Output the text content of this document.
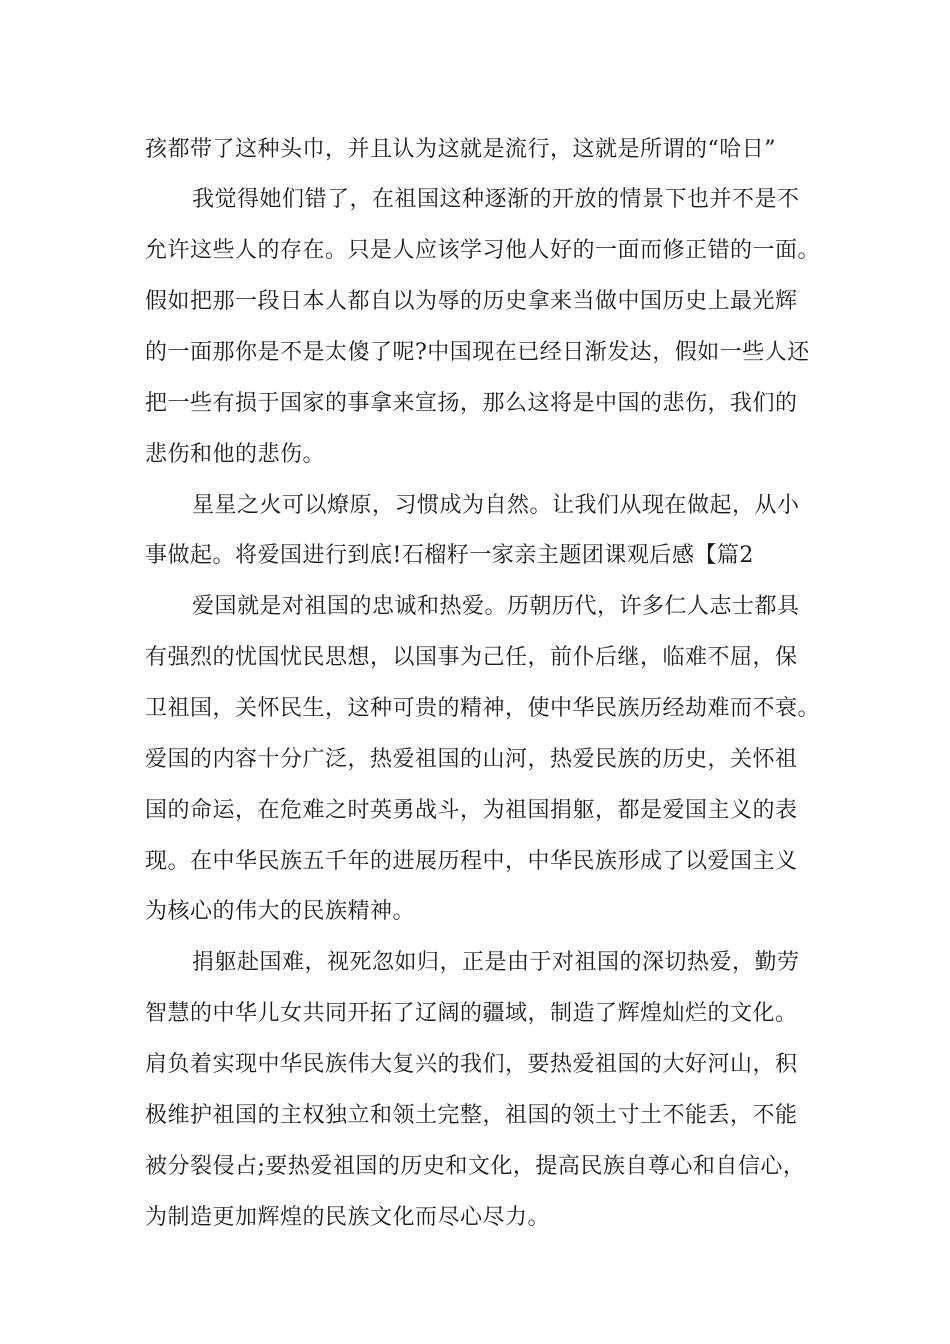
孩都带了这种头巾，并且认为这就是流行，这就是所谓的“哈日”
我觉得她们错了，在祖国这种逐渐的开放的情景下也并不是不
允许这些人的存在。只是人应该学习他人好的一面而修正错的一面。
假如把那一段日本人都自以为辱的历史拿来当做中国历史上最光辉
的一面那你是不是太傻了呢?中国现在已经日渐发达，假如一些人还
把一些有损于国家的事拿来宣扬，那么这将是中国的悲伤，我们的
悲伤和他的悲伤。
星星之火可以燎原，习惯成为自然。让我们从现在做起，从小
事做起。将爱国进行到底!石榴籽一家亲主题团课观后感【篇2
爱国就是对祖国的忠诚和热爱。历朝历代，许多仁人志士都具
有强烈的忧国忧民思想，以国事为己任，前仆后继，临难不屈，保
卫祖国，关怀民生，这种可贵的精神，使中华民族历经劫难而不衰。
爱国的内容十分广泛，热爱祖国的山河，热爱民族的历史，关怀祖
国的命运，在危难之时英勇战斗，为祖国捐躯，都是爱国主义的表
现。在中华民族五千年的进展历程中，中华民族形成了以爱国主义
为核心的伟大的民族精神。
捐躯赴国难，视死忽如归，正是由于对祖国的深切热爱，勤劳
智慧的中华儿女共同开拓了辽阔的疆域，制造了辉煌灿烂的文化。
肩负着实现中华民族伟大复兴的我们，要热爱祖国的大好河山，积
极维护祖国的主权独立和领土完整，祖国的领土寸土不能丢，不能
被分裂侵占;要热爱祖国的历史和文化，提高民族自尊心和自信心，
为制造更加辉煌的民族文化而尽心尽力。
